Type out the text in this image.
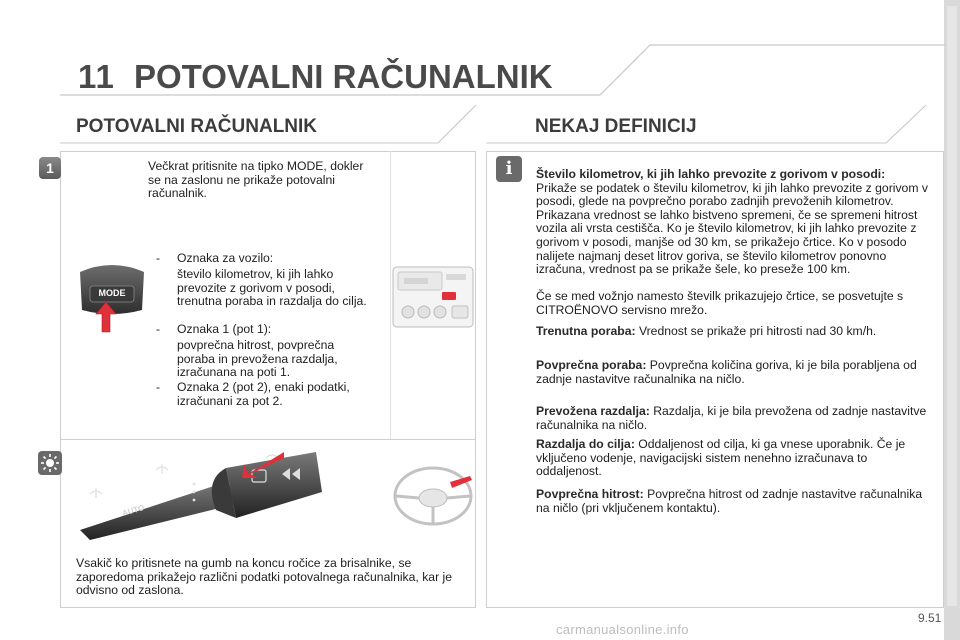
11 POTOVALNI RAČUNALNIK
POTOVALNI RAČUNALNIK	NEKAJ DEFINICIJ
1	Večkrat pritisnite na tipko MODE, dokler se na zaslonu ne prikaže potovalni računalnik.
- Oznaka za vozilo:
število kilometrov, ki jih lahko prevozite z gorivom v posodi, trenutna poraba in razdalja do cilja.
- Oznaka 1 (pot 1):
povprečna hitrost, povprečna poraba in prevožena razdalja, izračunana na poti 1.
- Oznaka 2 (pot 2), enaki podatki, izračunani za pot 2.
MODE
AUTO
Vsakič ko pritisnete na gumb na koncu ročice za brisalnike, se zaporedoma prikažejo različni podatki potovalnega računalnika, kar je odvisno od zaslona.
i	Število kilometrov, ki jih lahko prevozite z gorivom v posodi:
Prikaže se podatek o številu kilometrov, ki jih lahko prevozite z gorivom v posodi, glede na povprečno porabo zadnjih prevoženih kilometrov. Prikazana vrednost se lahko bistveno spremeni, če se spremeni hitrost vozila ali vrsta cestišča. Ko je število kilometrov, ki jih lahko prevozite z gorivom v posodi, manjše od 30 km, se prikažejo črtice. Ko v posodo nalijete najmanj deset litrov goriva, se število kilometrov ponovno izračuna, vrednost pa se prikaže šele, ko preseže 100 km.
Če se med vožnjo namesto številk prikazujejo črtice, se posvetujte s CITROËNOVO servisno mrežo.
Trenutna poraba: Vrednost se prikaže pri hitrosti nad 30 km/h.
Povprečna poraba: Povprečna količina goriva, ki je bila porabljena od zadnje nastavitve računalnika na ničlo.
Prevožena razdalja: Razdalja, ki je bila prevožena od zadnje nastavitve računalnika na ničlo.
Razdalja do cilja: Oddaljenost od cilja, ki ga vnese uporabnik. Če je vključeno vodenje, navigacijski sistem nenehno izračunava to oddaljenost.
Povprečna hitrost: Povprečna hitrost od zadnje nastavitve računalnika na ničlo (pri vključenem kontaktu).
9.51
carmanualsonline.info
